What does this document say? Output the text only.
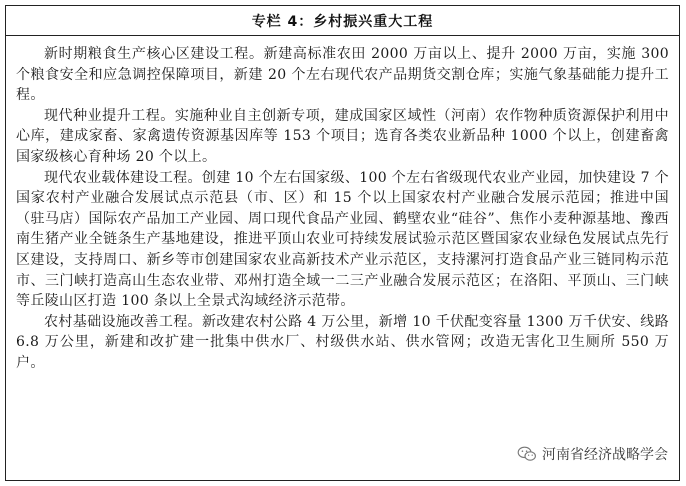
专栏 4：乡村振兴重大工程

新时期粮食生产核心区建设工程。新建高标准农田 2000 万亩以上、提升 2000 万亩，实施 300 个粮食安全和应急调控保障项目，新建 20 个左右现代农产品期货交割仓库；实施气象基础能力提升工程。

现代种业提升工程。实施种业自主创新专项，建成国家区域性（河南）农作物种质资源保护利用中心库，建成家畜、家禽遗传资源基因库等 153 个项目；选育各类农业新品种 1000 个以上，创建畜禽国家级核心育种场 20 个以上。

现代农业载体建设工程。创建 10 个左右国家级、100 个左右省级现代农业产业园，加快建设 7 个国家农村产业融合发展试点示范县（市、区）和 15 个以上国家农村产业融合发展示范园；推进中国（驻马店）国际农产品加工产业园、周口现代食品产业园、鹤壁农业“硅谷”、焦作小麦种源基地、豫西南生猪产业全链条生产基地建设，推进平顶山农业可持续发展试验示范区暨国家农业绿色发展试点先行区建设，支持周口、新乡等市创建国家农业高新技术产业示范区，支持漯河打造食品产业三链同构示范市、三门峡打造高山生态农业带、邓州打造全域一二三产业融合发展示范区；在洛阳、平顶山、三门峡等丘陵山区打造 100 条以上全景式沟域经济示范带。

农村基础设施改善工程。新改建农村公路 4 万公里，新增 10 千伏配变容量 1300 万千伏安、线路 6.8 万公里，新建和改扩建一批集中供水厂、村级供水站、供水管网；改造无害化卫生厕所 550 万户。

河南省经济战略学会
